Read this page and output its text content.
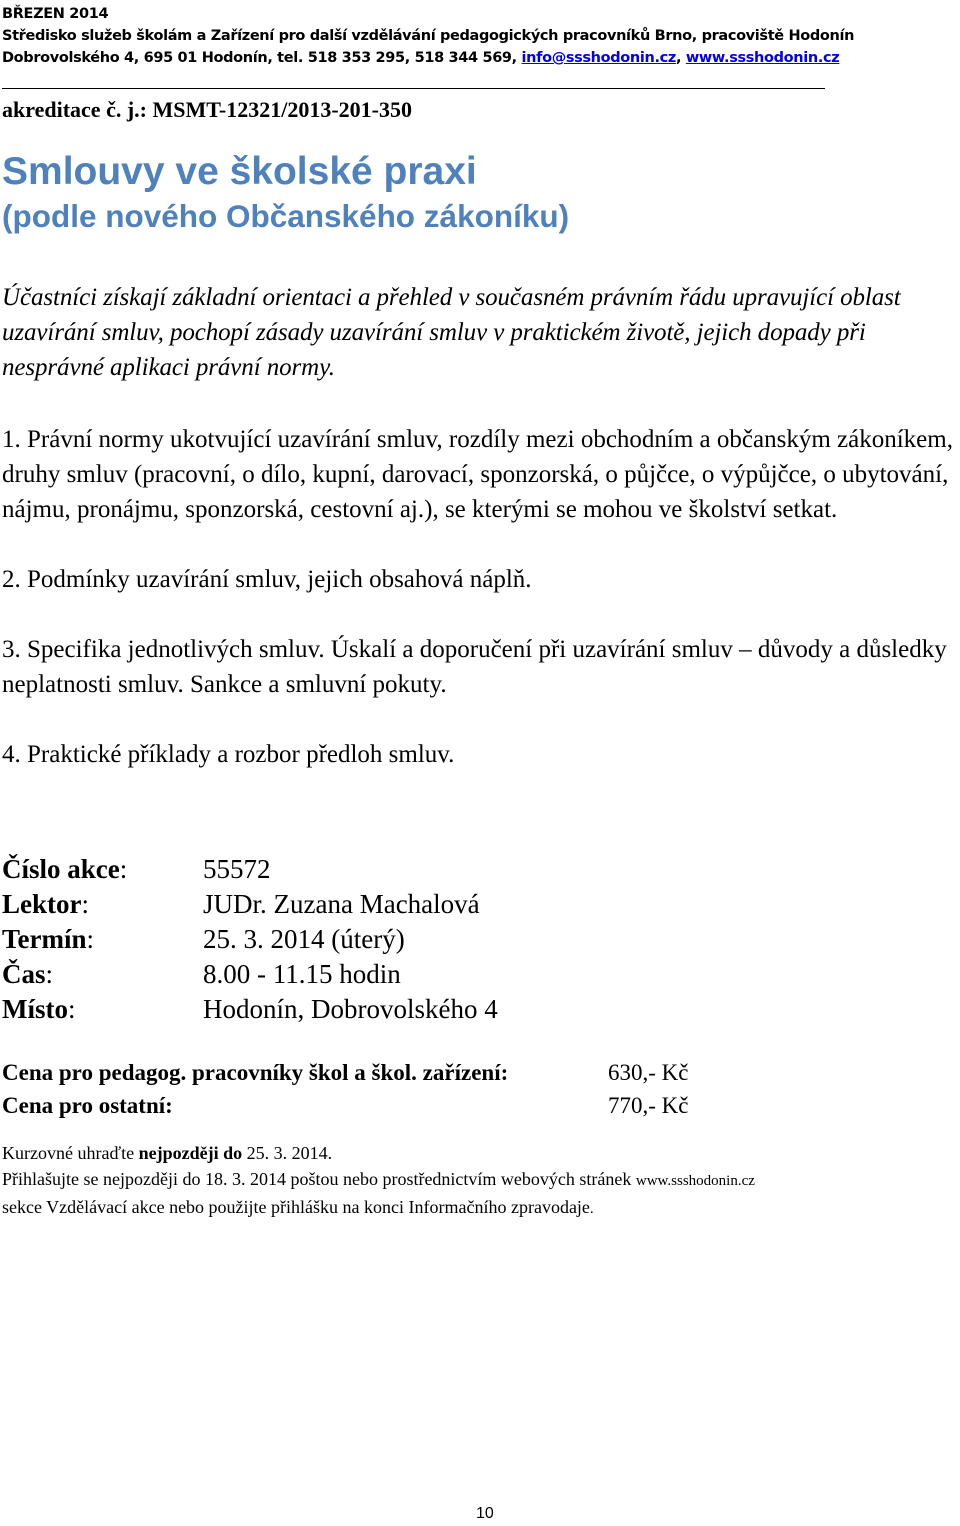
BŘEZEN 2014
Středisko služeb školám a Zařízení pro další vzdělávání pedagogických pracovníků Brno, pracoviště Hodonín
Dobrovolského 4, 695 01 Hodonín, tel. 518 353 295, 518 344 569, info@ssshodonin.cz, www.ssshodonin.cz
akreditace č. j.: MSMT-12321/2013-201-350
Smlouvy ve školské praxi
(podle nového Občanského zákoníku)

Účastníci získají základní orientaci a přehled v současném právním řádu upravující oblast uzavírání smluv, pochopí zásady uzavírání smluv v praktickém životě, jejich dopady při nesprávné aplikaci právní normy.

1. Právní normy ukotvující uzavírání smluv, rozdíly mezi obchodním a občanským zákoníkem, druhy smluv (pracovní, o dílo, kupní, darovací, sponzorská, o půjčce, o výpůjčce, o ubytování, nájmu, pronájmu, sponzorská, cestovní aj.), se kterými se mohou ve školství setkat.

2. Podmínky uzavírání smluv, jejich obsahová náplň.

3. Specifika jednotlivých smluv. Úskalí a doporučení při uzavírání smluv – důvody a důsledky neplatnosti smluv. Sankce a smluvní pokuty.

4. Praktické příklady a rozbor předloh smluv.

Číslo akce:	55572
Lektor:	JUDr. Zuzana Machalová
Termín:	25. 3. 2014 (úterý)
Čas:	8.00 - 11.15 hodin
Místo:	Hodonín, Dobrovolského 4
Cena pro pedagog. pracovníky škol a škol. zařízení:	630,- Kč
Cena pro ostatní:	770,- Kč
Kurzovné uhraďte nejpozději do 25. 3. 2014.
Přihlašujte se nejpozději do 18. 3. 2014 poštou nebo prostřednictvím webových stránek www.ssshodonin.cz
sekce Vzdělávací akce nebo použijte přihlášku na konci Informačního zpravodaje.
10
